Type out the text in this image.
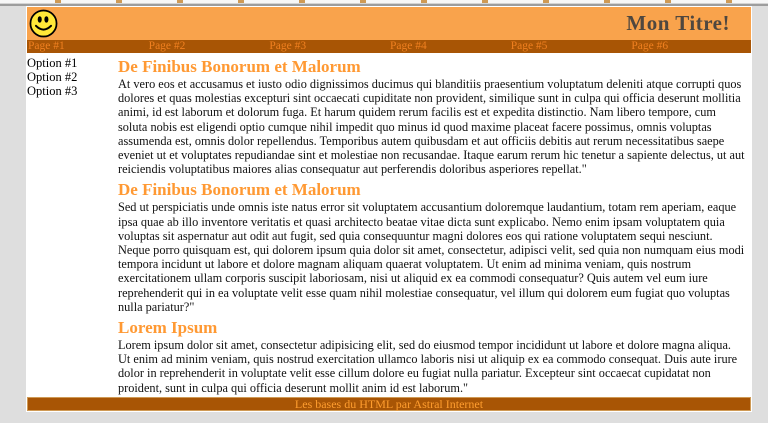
Mon Titre!
Page #1	Page #2	Page #3	Page #4	Page #5	Page #6
Option #1
Option #2
Option #3
De Finibus Bonorum et Malorum

At vero eos et accusamus et iusto odio dignissimos ducimus qui blanditiis praesentium voluptatum deleniti atque corrupti quos dolores et quas molestias excepturi sint occaecati cupiditate non provident, similique sunt in culpa qui officia deserunt mollitia animi, id est laborum et dolorum fuga. Et harum quidem rerum facilis est et expedita distinctio. Nam libero tempore, cum soluta nobis est eligendi optio cumque nihil impedit quo minus id quod maxime placeat facere possimus, omnis voluptas assumenda est, omnis dolor repellendus. Temporibus autem quibusdam et aut officiis debitis aut rerum necessitatibus saepe eveniet ut et voluptates repudiandae sint et molestiae non recusandae. Itaque earum rerum hic tenetur a sapiente delectus, ut aut reiciendis voluptatibus maiores alias consequatur aut perferendis doloribus asperiores repellat."

De Finibus Bonorum et Malorum

Sed ut perspiciatis unde omnis iste natus error sit voluptatem accusantium doloremque laudantium, totam rem aperiam, eaque ipsa quae ab illo inventore veritatis et quasi architecto beatae vitae dicta sunt explicabo. Nemo enim ipsam voluptatem quia voluptas sit aspernatur aut odit aut fugit, sed quia consequuntur magni dolores eos qui ratione voluptatem sequi nesciunt. Neque porro quisquam est, qui dolorem ipsum quia dolor sit amet, consectetur, adipisci velit, sed quia non numquam eius modi tempora incidunt ut labore et dolore magnam aliquam quaerat voluptatem. Ut enim ad minima veniam, quis nostrum exercitationem ullam corporis suscipit laboriosam, nisi ut aliquid ex ea commodi consequatur? Quis autem vel eum iure reprehenderit qui in ea voluptate velit esse quam nihil molestiae consequatur, vel illum qui dolorem eum fugiat quo voluptas nulla pariatur?"

Lorem Ipsum

Lorem ipsum dolor sit amet, consectetur adipisicing elit, sed do eiusmod tempor incididunt ut labore et dolore magna aliqua. Ut enim ad minim veniam, quis nostrud exercitation ullamco laboris nisi ut aliquip ex ea commodo consequat. Duis aute irure dolor in reprehenderit in voluptate velit esse cillum dolore eu fugiat nulla pariatur. Excepteur sint occaecat cupidatat non proident, sunt in culpa qui officia deserunt mollit anim id est laborum."

Les bases du HTML par Astral Internet
